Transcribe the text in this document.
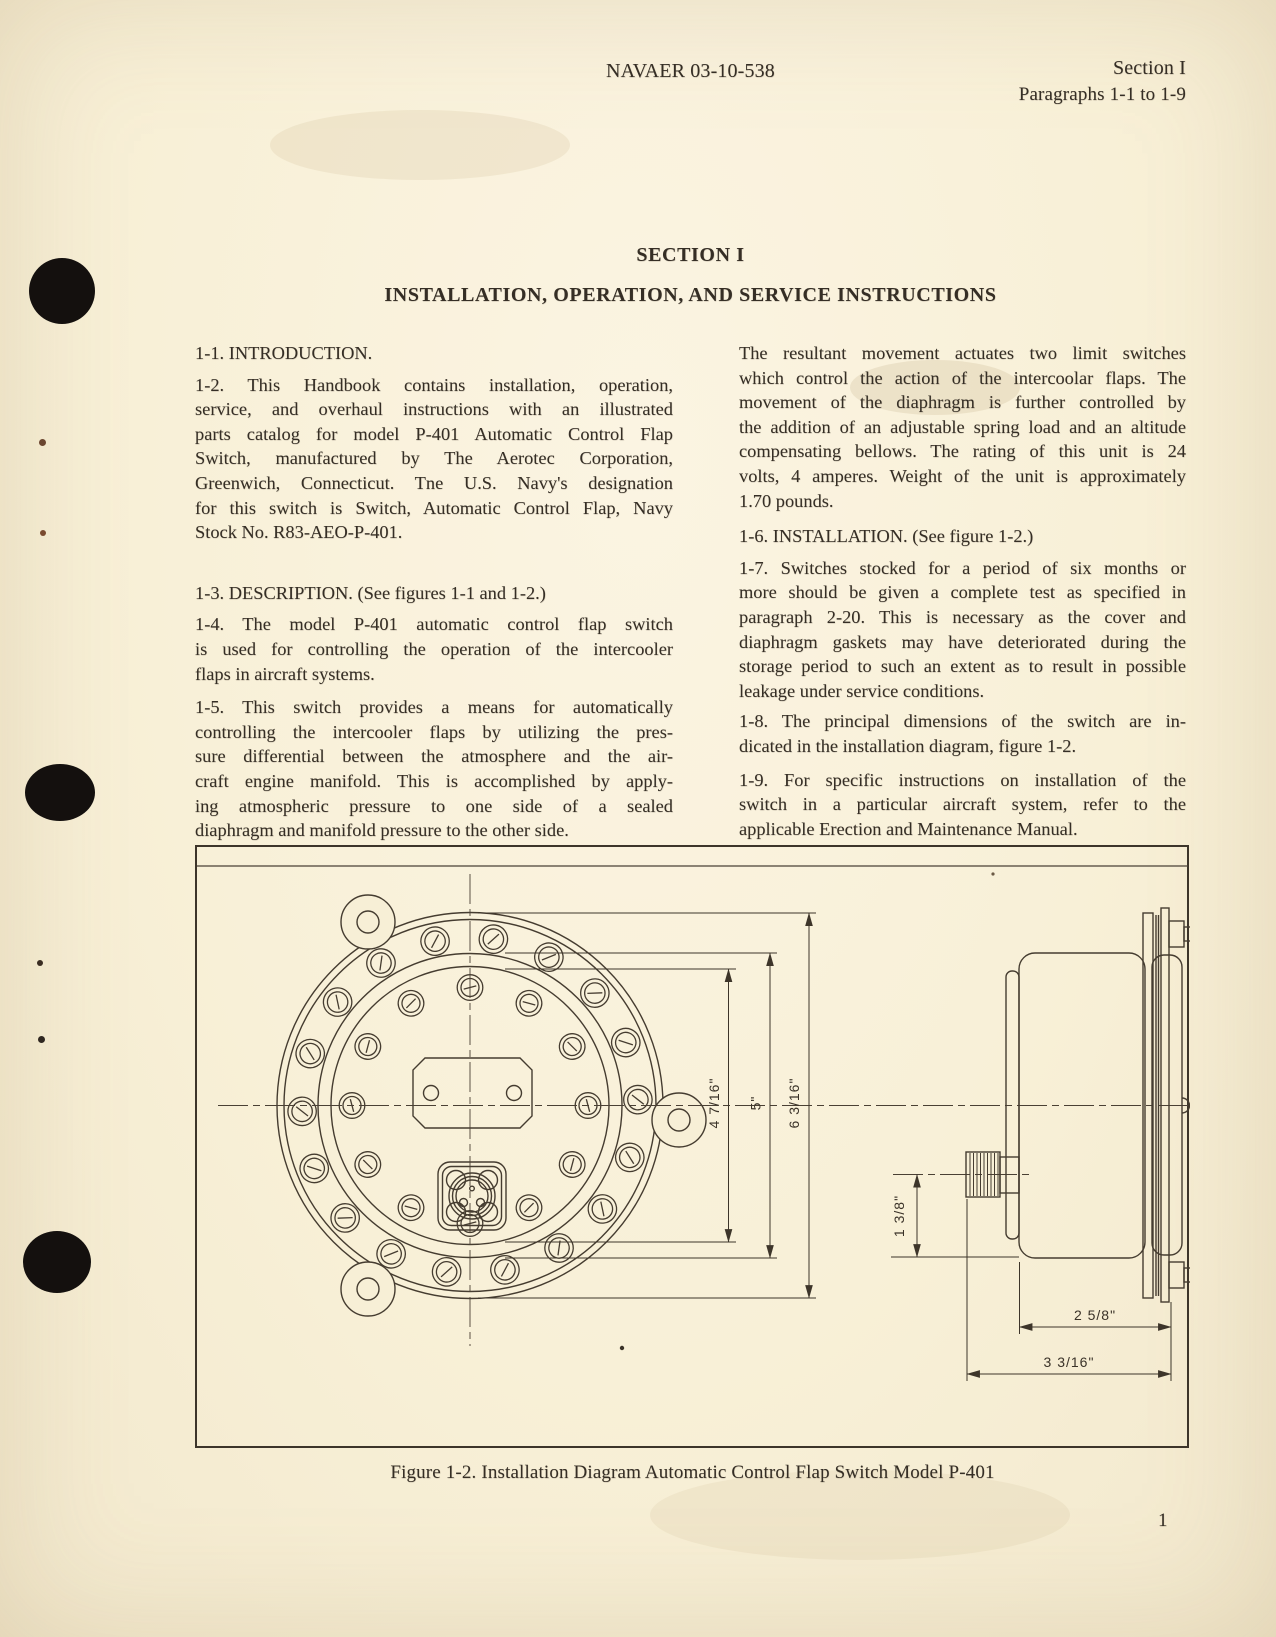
NAVAER 03-10-538	Section I
Paragraphs 1-1 to 1-9
SECTION I
INSTALLATION, OPERATION, AND SERVICE INSTRUCTIONS
1-1. INTRODUCTION.
1-2. This Handbook contains installation, operation,
service, and overhaul instructions with an illustrated
parts catalog for model P-401 Automatic Control Flap
Switch, manufactured by The Aerotec Corporation,
Greenwich, Connecticut. Tne U.S. Navy's designation
for this switch is Switch, Automatic Control Flap, Navy
Stock No. R83-AEO-P-401.
1-3. DESCRIPTION. (See figures 1-1 and 1-2.)
1-4. The model P-401 automatic control flap switch
is used for controlling the operation of the intercooler
flaps in aircraft systems.
1-5. This switch provides a means for automatically
controlling the intercooler flaps by utilizing the pres-
sure differential between the atmosphere and the air-
craft engine manifold. This is accomplished by apply-
ing atmospheric pressure to one side of a sealed
diaphragm and manifold pressure to the other side.
The resultant movement actuates two limit switches
which control the action of the intercoolar flaps. The
movement of the diaphragm is further controlled by
the addition of an adjustable spring load and an altitude
compensating bellows. The rating of this unit is 24
volts, 4 amperes. Weight of the unit is approximately
1.70 pounds.
1-6. INSTALLATION. (See figure 1-2.)
1-7. Switches stocked for a period of six months or
more should be given a complete test as specified in
paragraph 2-20. This is necessary as the cover and
diaphragm gaskets may have deteriorated during the
storage period to such an extent as to result in possible
leakage under service conditions.
1-8. The principal dimensions of the switch are in-
dicated in the installation diagram, figure 1-2.
1-9. For specific instructions on installation of the
switch in a particular aircraft system, refer to the
applicable Erection and Maintenance Manual.
4 7/16" 5" 6 3/16"
1 3/8"
2 5/8"
3 3/16"
Figure 1-2. Installation Diagram Automatic Control Flap Switch Model P-401
1
